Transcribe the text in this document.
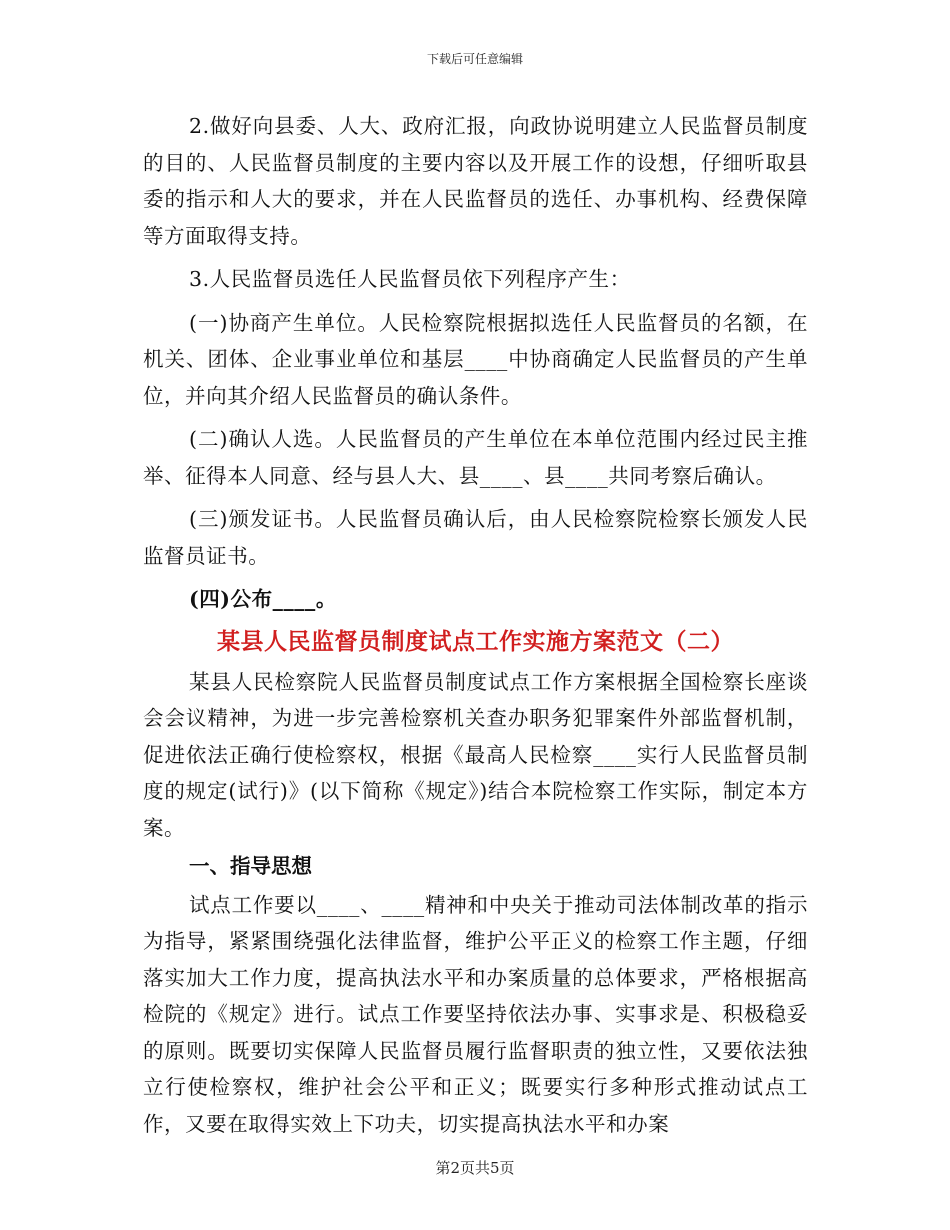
下载后可任意编辑

2.做好向县委、人大、政府汇报，向政协说明建立人民监督员制度的目的、人民监督员制度的主要内容以及开展工作的设想，仔细听取县委的指示和人大的要求，并在人民监督员的选任、办事机构、经费保障等方面取得支持。

3.人民监督员选任人民监督员依下列程序产生：

(一)协商产生单位。人民检察院根据拟选任人民监督员的名额，在机关、团体、企业事业单位和基层____中协商确定人民监督员的产生单位，并向其介绍人民监督员的确认条件。

(二)确认人选。人民监督员的产生单位在本单位范围内经过民主推举、征得本人同意、经与县人大、县____、县____共同考察后确认。

(三)颁发证书。人民监督员确认后，由人民检察院检察长颁发人民监督员证书。

(四)公布____。

某县人民监督员制度试点工作实施方案范文（二）

某县人民检察院人民监督员制度试点工作方案根据全国检察长座谈会会议精神，为进一步完善检察机关查办职务犯罪案件外部监督机制，促进依法正确行使检察权，根据《最高人民检察____实行人民监督员制度的规定(试行)》(以下简称《规定》)结合本院检察工作实际，制定本方案。

一、指导思想

试点工作要以____、____精神和中央关于推动司法体制改革的指示为指导，紧紧围绕强化法律监督，维护公平正义的检察工作主题，仔细落实加大工作力度，提高执法水平和办案质量的总体要求，严格根据高检院的《规定》进行。试点工作要坚持依法办事、实事求是、积极稳妥的原则。既要切实保障人民监督员履行监督职责的独立性，又要依法独立行使检察权，维护社会公平和正义；既要实行多种形式推动试点工作，又要在取得实效上下功夫，切实提高执法水平和办案

第2页共5页
